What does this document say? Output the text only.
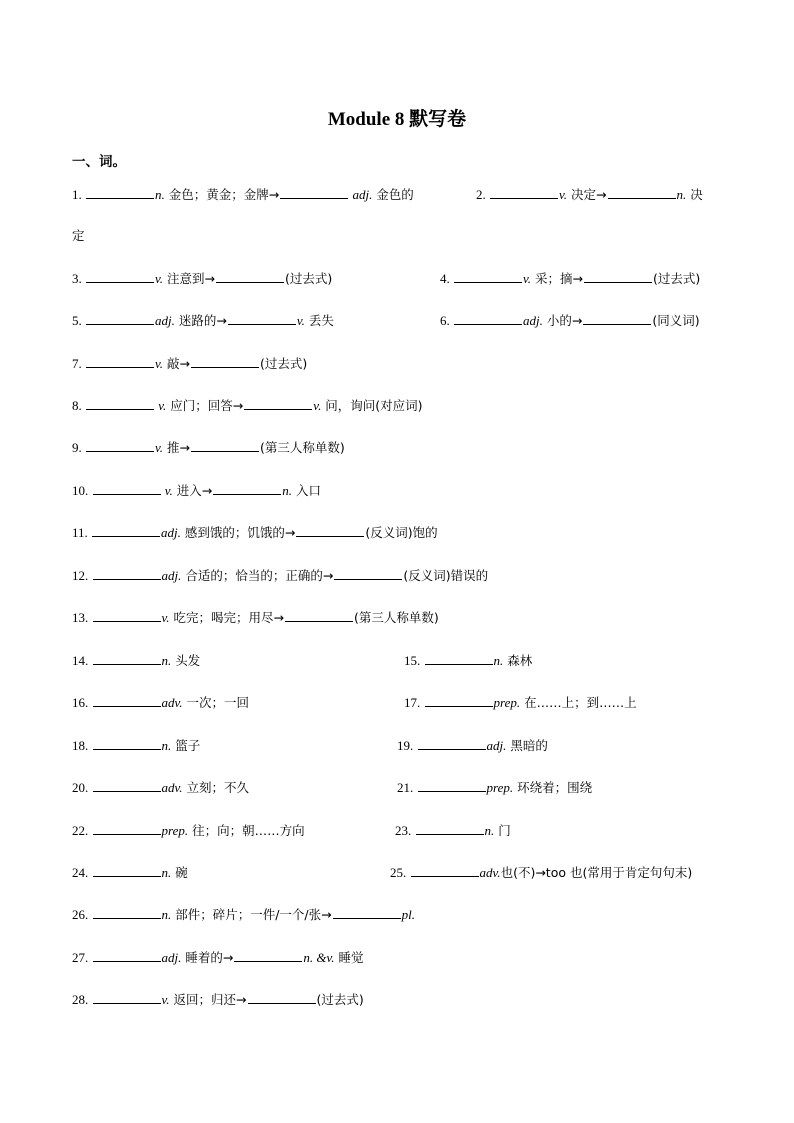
Module 8 默写卷
一、词。
1.	n. 金色；黄金；金牌→	adj. 金色的	2.	v. 决定→	n. 决
定
3.	v. 注意到→	(过去式)	4.	v. 采；摘→	(过去式)
5.	adj. 迷路的→	v. 丢失	6.	adj. 小的→	(同义词)
7.	v. 敲→	(过去式)
8.	v. 应门；回答→	v. 问，询问(对应词)
9.	v. 推→	(第三人称单数)
10.	v. 进入→	n. 入口
11.	adj. 感到饿的；饥饿的→	(反义词)饱的
12.	adj. 合适的；恰当的；正确的→	(反义词)错误的
13.	v. 吃完；喝完；用尽→	(第三人称单数)
14.	n. 头发	15.	n. 森林
16.	adv. 一次；一回	17.	prep. 在……上；到……上
18.	n. 篮子	19.	adj. 黑暗的
20.	adv. 立刻；不久	21.	prep. 环绕着；围绕
22.	prep. 往；向；朝……方向	23.	n. 门
24.	n. 碗	25.	adv.也(不)→too 也(常用于肯定句句末)
26.	n. 部件；碎片；一件/一个/张→	pl.
27.	adj. 睡着的→	n. &v. 睡觉
28.	v. 返回；归还→	(过去式)
